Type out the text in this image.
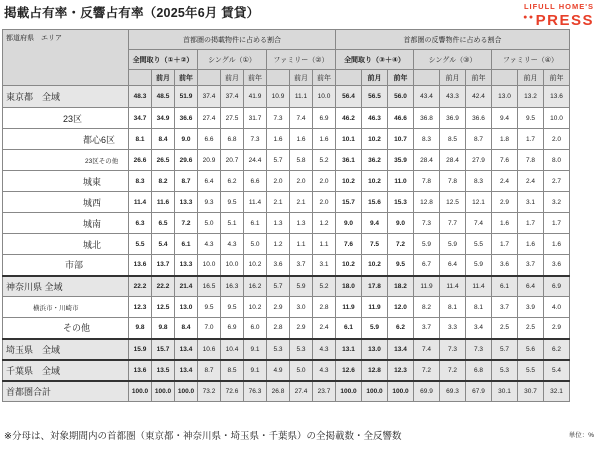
掲載占有率・反響占有率（2025年6月 賃貸）	LIFULL HOME'S
●●PRESS
都道府県　エリア	首都圏の掲載物件に占める割合									首都圏の反響物件に占める割合								
	全間取り（①＋②）			シングル（①）			ファミリー（②）			全間取り（③＋④）			シングル（③）			ファミリー（④）		
		前月	前年		前月	前年		前月	前年		前月	前年		前月	前年		前月	前年
東京都　全域	48.3	48.5	51.9	37.4	37.4	41.9	10.9	11.1	10.0	56.4	56.5	56.0	43.4	43.3	42.4	13.0	13.2	13.6
23区	34.7	34.9	36.6	27.4	27.5	31.7	7.3	7.4	6.9	46.2	46.3	46.6	36.8	36.9	36.6	9.4	9.5	10.0
都心6区	8.1	8.4	9.0	6.6	6.8	7.3	1.6	1.6	1.6	10.1	10.2	10.7	8.3	8.5	8.7	1.8	1.7	2.0
23区その他	26.6	26.5	29.6	20.9	20.7	24.4	5.7	5.8	5.2	36.1	36.2	35.9	28.4	28.4	27.9	7.6	7.8	8.0
城東	8.3	8.2	8.7	6.4	6.2	6.6	2.0	2.0	2.0	10.2	10.2	11.0	7.8	7.8	8.3	2.4	2.4	2.7
城西	11.4	11.6	13.3	9.3	9.5	11.4	2.1	2.1	2.0	15.7	15.6	15.3	12.8	12.5	12.1	2.9	3.1	3.2
城南	6.3	6.5	7.2	5.0	5.1	6.1	1.3	1.3	1.2	9.0	9.4	9.0	7.3	7.7	7.4	1.6	1.7	1.7
城北	5.5	5.4	6.1	4.3	4.3	5.0	1.2	1.1	1.1	7.6	7.5	7.2	5.9	5.9	5.5	1.7	1.6	1.6
市部	13.6	13.7	13.3	10.0	10.0	10.2	3.6	3.7	3.1	10.2	10.2	9.5	6.7	6.4	5.9	3.6	3.7	3.6
神奈川県 全域	22.2	22.2	21.4	16.5	16.3	16.2	5.7	5.9	5.2	18.0	17.8	18.2	11.9	11.4	11.4	6.1	6.4	6.9
横浜市・川崎市	12.3	12.5	13.0	9.5	9.5	10.2	2.9	3.0	2.8	11.9	11.9	12.0	8.2	8.1	8.1	3.7	3.9	4.0
その他	9.8	9.8	8.4	7.0	6.9	6.0	2.8	2.9	2.4	6.1	5.9	6.2	3.7	3.3	3.4	2.5	2.5	2.9
埼玉県　全域	15.9	15.7	13.4	10.6	10.4	9.1	5.3	5.3	4.3	13.1	13.0	13.4	7.4	7.3	7.3	5.7	5.6	6.2
千葉県　全域	13.6	13.5	13.4	8.7	8.5	9.1	4.9	5.0	4.3	12.6	12.8	12.3	7.2	7.2	6.8	5.3	5.5	5.4
首都圏合計	100.0	100.0	100.0	73.2	72.6	76.3	26.8	27.4	23.7	100.0	100.0	100.0	69.9	69.3	67.9	30.1	30.7	32.1
※分母は、対象期間内の首都圏（東京都・神奈川県・埼玉県・千葉県）の全掲載数・全反響数	単位：%
